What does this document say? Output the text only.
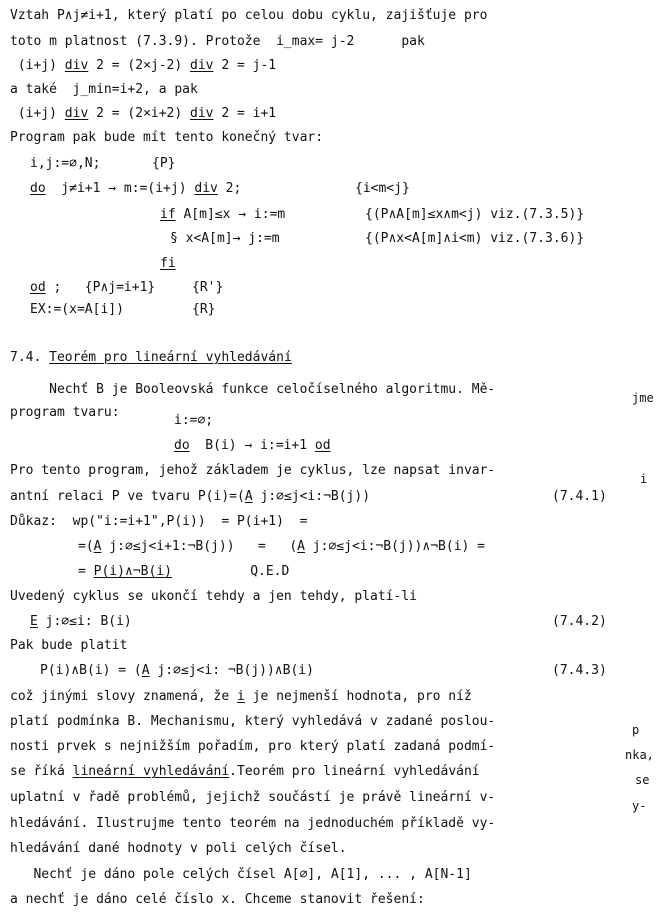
Vztah P∧j≠i+1, který platí po celou dobu cyklu, zajišťuje pro
toto m platnost (7.3.9). Protože  i_max= j-2      pak
(i+j) div 2 = (2×j-2) div 2 = j-1
a také  j_min=i+2, a pak
(i+j) div 2 = (2×i+2) div 2 = i+1
Program pak bude mít tento konečný tvar:
i,j:=∅,N;	{P}
do  j≠i+1 → m:=(i+j) div 2;	{i<m<j}
if A[m]≤x → i:=m	{(P∧A[m]≤x∧m<j) viz.(7.3.5)}
§ x<A[m]→ j:=m	{(P∧x<A[m]∧i<m) viz.(7.3.6)}
fi
od ;   {P∧j=i+1}	{R'}
EX:=(x=A[i])	{R}
7.4. Teorém pro lineární vyhledávání
Nechť B je Booleovská funkce celočíselného algoritmu. Mě-
jme
program tvaru:
i:=∅;
do  B(i) → i:=i+1 od
Pro tento program, jehož základem je cyklus, lze napsat invar-
i
antní relaci P ve tvaru P(i)=(A j:∅≤j<i:¬B(j))	(7.4.1)
Důkaz:  wp("i:=i+1",P(i))  = P(i+1)  =
=(A j:∅≤j<i+1:¬B(j))   =   (A j:∅≤j<i:¬B(j))∧¬B(i) =
= P(i)∧¬B(i)          Q.E.D
Uvedený cyklus se ukončí tehdy a jen tehdy, platí-li
E j:∅≤i: B(i)	(7.4.2)
Pak bude platit
P(i)∧B(i) = (A j:∅≤j<i: ¬B(j))∧B(i)	(7.4.3)
což jinými slovy znamená, že i je nejmenší hodnota, pro níž
platí podmínka B. Mechanismu, který vyhledává v zadané poslou-
p
nosti prvek s nejnižším pořadím, pro který platí zadaná podmí-
nka,
se říká lineární vyhledávání.Teorém pro lineární vyhledávání
se
uplatní v řadě problémů, jejichž součástí je právě lineární v-
y-
hledávání. Ilustrujme tento teorém na jednoduchém příkladě vy-
hledávání dané hodnoty v poli celých čísel.
Nechť je dáno pole celých čísel A[∅], A[1], ... , A[N-1]
a nechť je dáno celé číslo x. Chceme stanovit řešení:
